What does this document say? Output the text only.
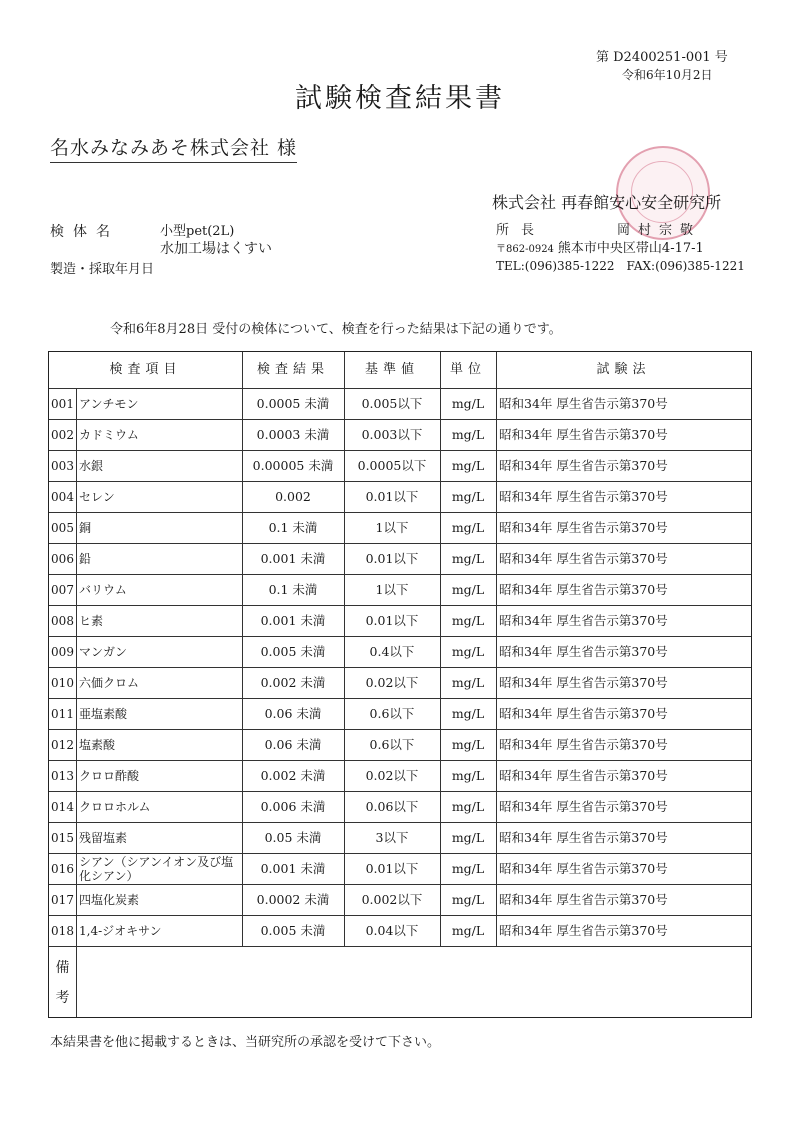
第 D2400251-001 号
令和6年10月2日
試験検査結果書
名水みなみあそ株式会社 様
株式会社 再春館安心安全研究所
所長	岡村宗敬
〒862-0924 熊本市中央区帯山4-17-1
TEL:(096)385-1222　FAX:(096)385-1221
検体名	小型pet(2L)
水加工場はくすい
製造・採取年月日
令和6年8月28日 受付の検体について、検査を行った結果は下記の通りです。
検査項目	検査結果	基準値	単位	試験法
001 アンチモン	0.0005 未満	0.005以下	mg/L	昭和34年 厚生省告示第370号
002 カドミウム	0.0003 未満	0.003以下	mg/L	昭和34年 厚生省告示第370号
003 水銀	0.00005 未満	0.0005以下	mg/L	昭和34年 厚生省告示第370号
004 セレン	0.002	0.01以下	mg/L	昭和34年 厚生省告示第370号
005 銅	0.1 未満	1以下	mg/L	昭和34年 厚生省告示第370号
006 鉛	0.001 未満	0.01以下	mg/L	昭和34年 厚生省告示第370号
007 バリウム	0.1 未満	1以下	mg/L	昭和34年 厚生省告示第370号
008 ヒ素	0.001 未満	0.01以下	mg/L	昭和34年 厚生省告示第370号
009 マンガン	0.005 未満	0.4以下	mg/L	昭和34年 厚生省告示第370号
010 六価クロム	0.002 未満	0.02以下	mg/L	昭和34年 厚生省告示第370号
011 亜塩素酸	0.06 未満	0.6以下	mg/L	昭和34年 厚生省告示第370号
012 塩素酸	0.06 未満	0.6以下	mg/L	昭和34年 厚生省告示第370号
013 クロロ酢酸	0.002 未満	0.02以下	mg/L	昭和34年 厚生省告示第370号
014 クロロホルム	0.006 未満	0.06以下	mg/L	昭和34年 厚生省告示第370号
015 残留塩素	0.05 未満	3以下	mg/L	昭和34年 厚生省告示第370号
016 シアン（シアンイオン及び塩化シアン）	0.001 未満	0.01以下	mg/L	昭和34年 厚生省告示第370号
017 四塩化炭素	0.0002 未満	0.002以下	mg/L	昭和34年 厚生省告示第370号
018 1,4-ジオキサン	0.005 未満	0.04以下	mg/L	昭和34年 厚生省告示第370号
備
考
本結果書を他に掲載するときは、当研究所の承認を受けて下さい。
